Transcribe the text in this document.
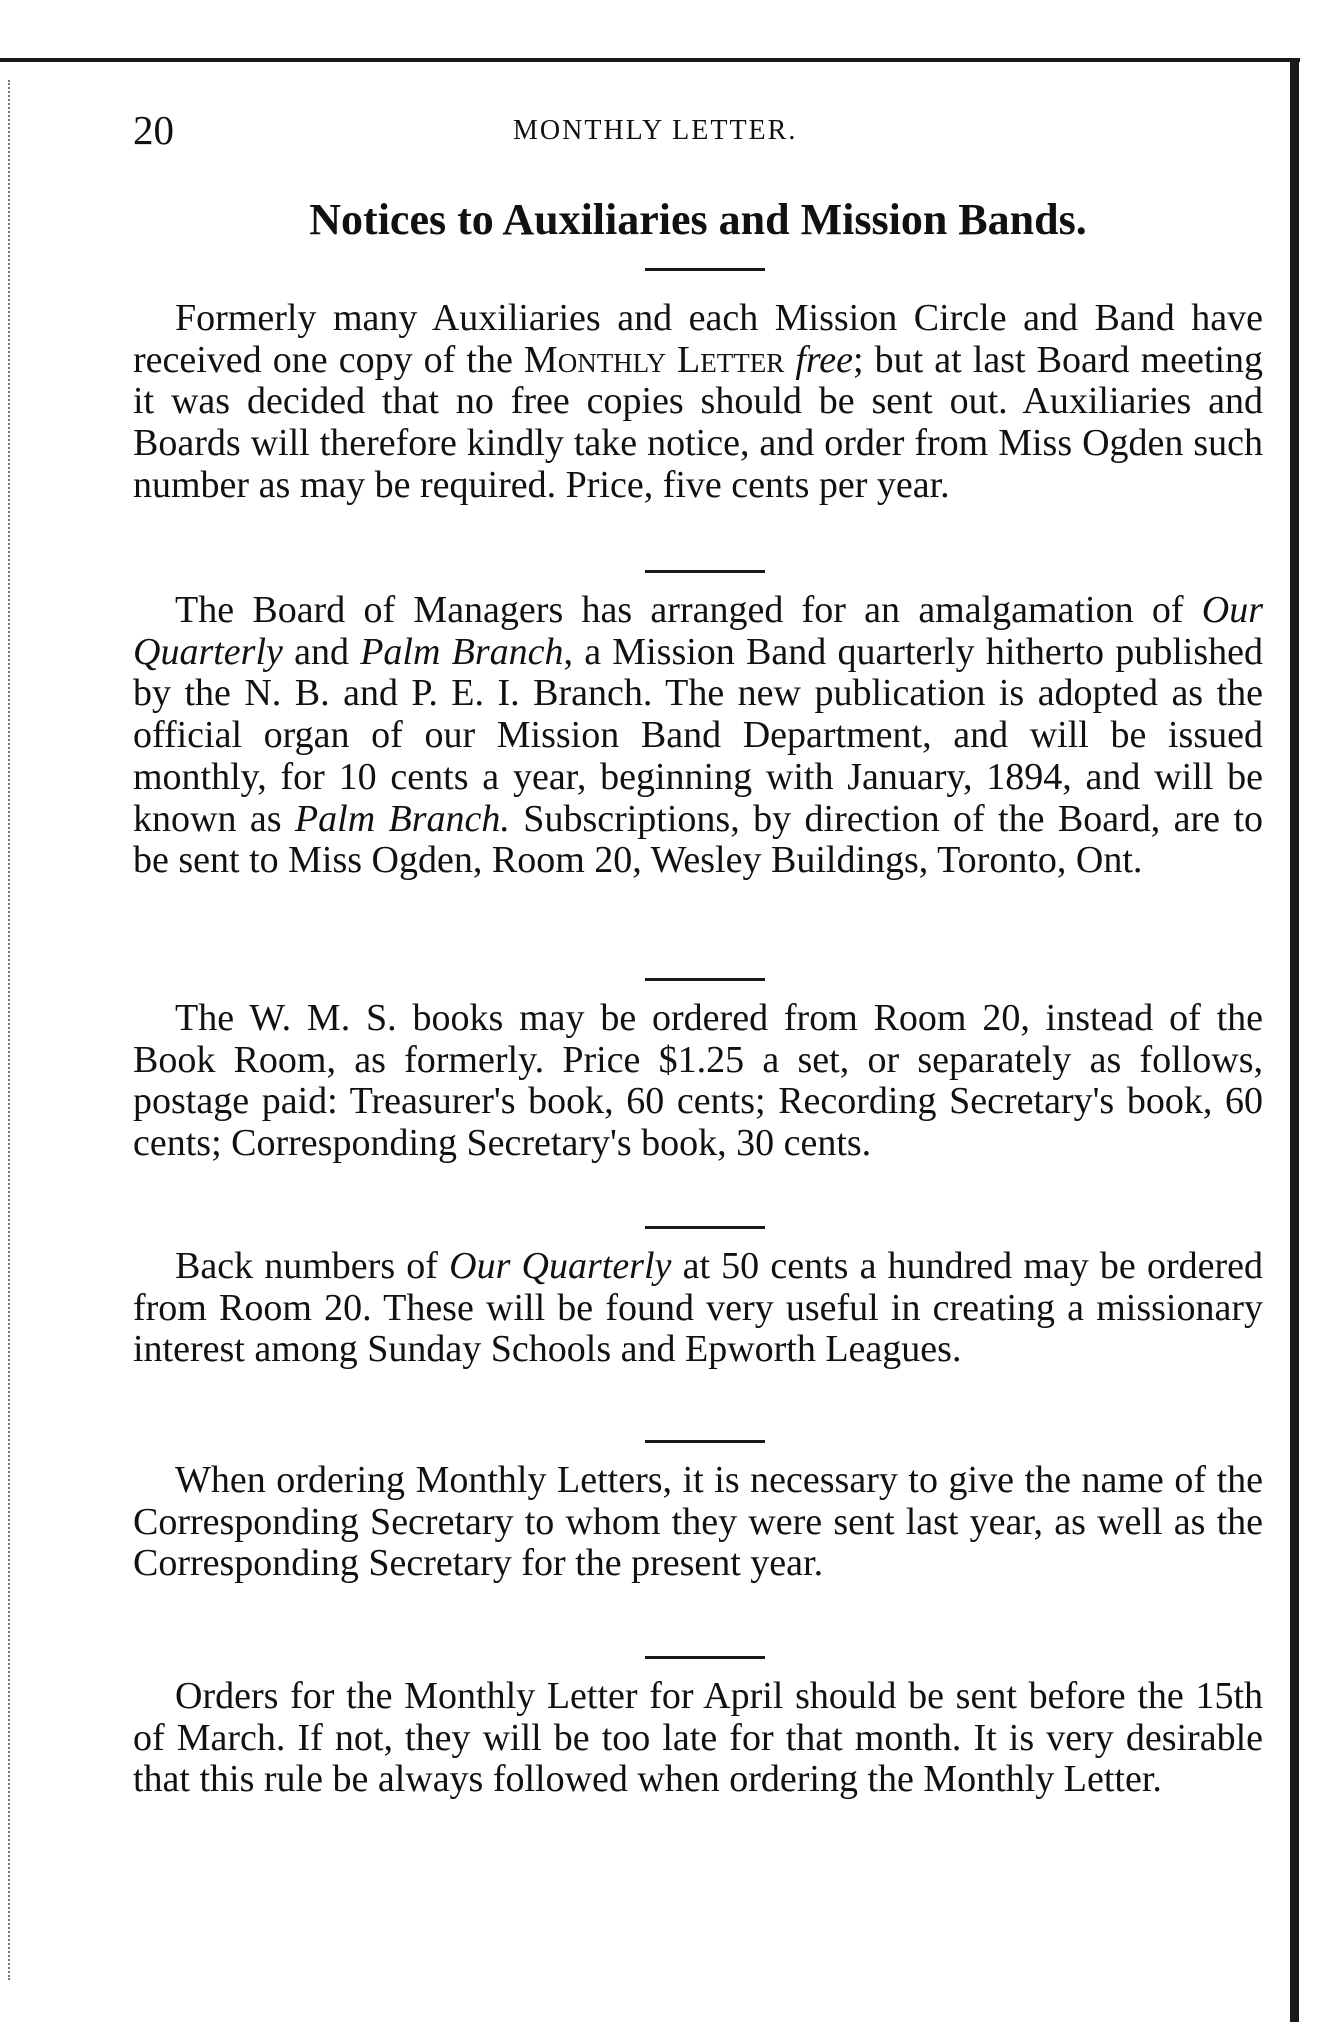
20	MONTHLY LETTER.
Notices to Auxiliaries and Mission Bands.

Formerly many Auxiliaries and each Mission Circle and Band have received one copy of the Monthly Letter free; but at last Board meeting it was decided that no free copies should be sent out. Auxiliaries and Boards will therefore kindly take notice, and order from Miss Ogden such number as may be required. Price, five cents per year.

The Board of Managers has arranged for an amalgamation of Our Quarterly and Palm Branch, a Mission Band quarterly hitherto published by the N. B. and P. E. I. Branch. The new publication is adopted as the official organ of our Mission Band Department, and will be issued monthly, for 10 cents a year, beginning with January, 1894, and will be known as Palm Branch. Subscriptions, by direction of the Board, are to be sent to Miss Ogden, Room 20, Wesley Buildings, Toronto, Ont.

The W. M. S. books may be ordered from Room 20, instead of the Book Room, as formerly. Price $1.25 a set, or separately as follows, postage paid: Treasurer's book, 60 cents; Recording Secretary's book, 60 cents; Corresponding Secretary's book, 30 cents.

Back numbers of Our Quarterly at 50 cents a hundred may be ordered from Room 20. These will be found very useful in creating a missionary interest among Sunday Schools and Epworth Leagues.

When ordering Monthly Letters, it is necessary to give the name of the Corresponding Secretary to whom they were sent last year, as well as the Corresponding Secretary for the present year.

Orders for the Monthly Letter for April should be sent before the 15th of March. If not, they will be too late for that month. It is very desirable that this rule be always followed when ordering the Monthly Letter.
